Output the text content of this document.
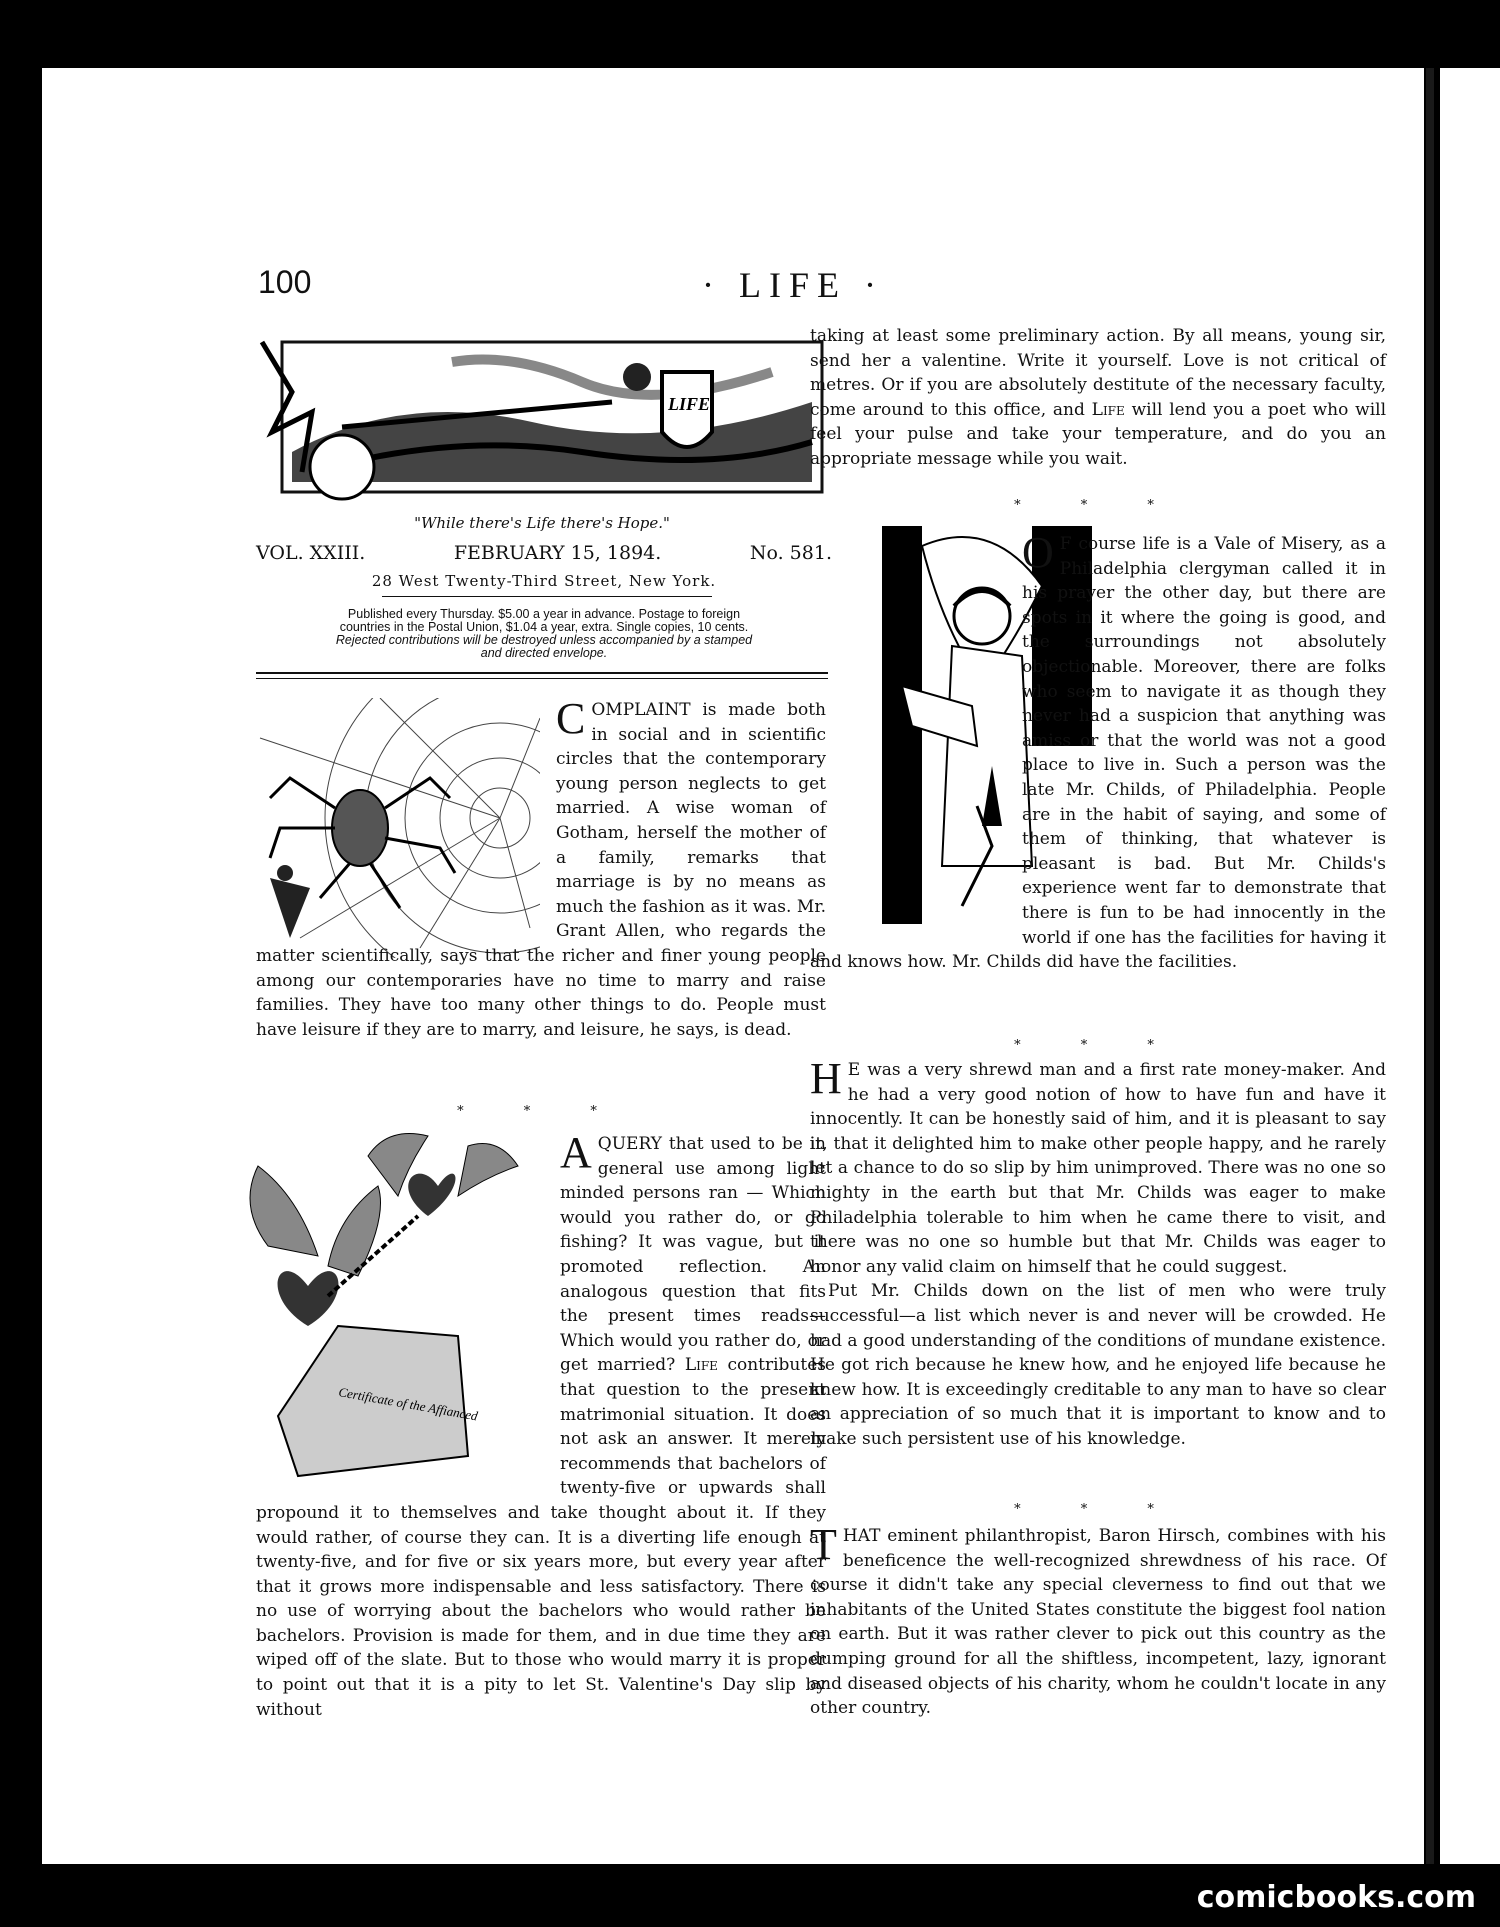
100	· LIFE ·
LIFE
"While there's Life there's Hope."
VOL. XXIII.	FEBRUARY 15, 1894.	No. 581.
28 West Twenty-Third Street, New York.
Published every Thursday. $5.00 a year in advance. Postage to foreign
countries in the Postal Union, $1.04 a year, extra. Single copies, 10 cents.
Rejected contributions will be destroyed unless accompanied by a stamped
and directed envelope.

COMPLAINT is made both in social and in scientific circles that the contemporary young person neglects to get married. A wise woman of Gotham, herself the mother of a family, remarks that marriage is by no means as much the fashion as it was. Mr. Grant Allen, who regards the matter scientifically, says that the richer and finer young people among our contemporaries have no time to marry and raise families. They have too many other things to do. People must have leisure if they are to marry, and leisure, he says, is dead.

* * *
Certificate of the Affianced

AQUERY that used to be in general use among light minded persons ran — Which would you rather do, or go fishing? It was vague, but it promoted reflection. An analogous question that fits the present times reads—Which would you rather do, or get married? Life contributes that question to the present matrimonial situation. It does not ask an answer. It merely recommends that bachelors of twenty-five or upwards shall propound it to themselves and take thought about it. If they would rather, of course they can. It is a diverting life enough at twenty-five, and for five or six years more, but every year after that it grows more indispensable and less satisfactory. There is no use of worrying about the bachelors who would rather be bachelors. Provision is made for them, and in due time they are wiped off of the slate. But to those who would marry it is proper to point out that it is a pity to let St. Valentine's Day slip by without

taking at least some preliminary action. By all means, young sir, send her a valentine. Write it yourself. Love is not critical of metres. Or if you are absolutely destitute of the necessary faculty, come around to this office, and Life will lend you a poet who will feel your pulse and take your temperature, and do you an appropriate message while you wait.

* * *

O F course life is a Vale of Misery, as a Philadelphia clergyman called it in his prayer the other day, but there are spots in it where the going is good, and the surroundings not absolutely objectionable. Moreover, there are folks who seem to navigate it as though they never had a suspicion that anything was amiss or that the world was not a good place to live in. Such a person was the late Mr. Childs, of Philadelphia. People are in the habit of saying, and some of them of thinking, that whatever is pleasant is bad. But Mr. Childs's experience went far to demonstrate that there is fun to be had innocently in the world if one has the facilities for having it and knows how. Mr. Childs did have the facilities.

* * *

H E was a very shrewd man and a first rate money-maker. And he had a very good notion of how to have fun and have it innocently. It can be honestly said of him, and it is pleasant to say it, that it delighted him to make other people happy, and he rarely let a chance to do so slip by him unimproved. There was no one so mighty in the earth but that Mr. Childs was eager to make Philadelphia tolerable to him when he came there to visit, and there was no one so humble but that Mr. Childs was eager to honor any valid claim on himself that he could suggest.

Put Mr. Childs down on the list of men who were truly successful—a list which never is and never will be crowded. He had a good understanding of the conditions of mundane existence. He got rich because he knew how, and he enjoyed life because he knew how. It is exceedingly creditable to any man to have so clear an appreciation of so much that it is important to know and to make such persistent use of his knowledge.

* * *

THAT eminent philanthropist, Baron Hirsch, combines with his beneficence the well-recognized shrewdness of his race. Of course it didn't take any special cleverness to find out that we inhabitants of the United States constitute the biggest fool nation on earth. But it was rather clever to pick out this country as the dumping ground for all the shiftless, incompetent, lazy, ignorant and diseased objects of his charity, whom he couldn't locate in any other country.

comicbooks.com
